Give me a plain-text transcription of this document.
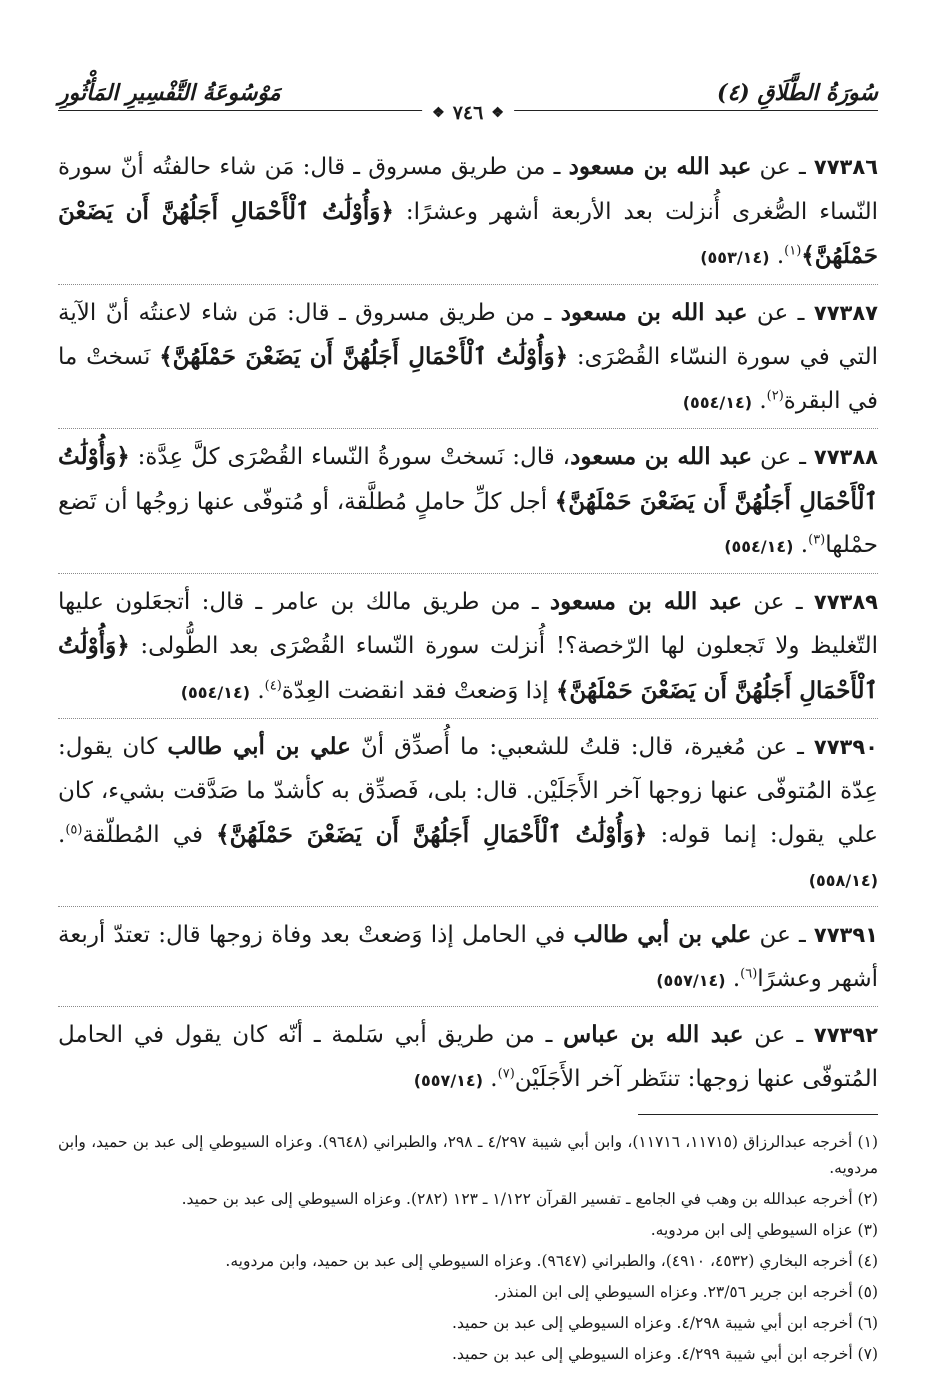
سُورَةُ الطَّلَاقِ (٤)
مَوْسُوعَةُ التَّفْسِيرِ المَأْثُورِ
❖
٧٤٦
❖

٧٧٣٨٦ ـ عن عبد الله بن مسعود ـ من طريق مسروق ـ قال: مَن شاء حالفتُه أنّ سورة النّساء الصُّغرى أُنزلت بعد الأربعة أشهر وعشرًا: ﴿وَأُوْلَٰتُ ٱلْأَحْمَالِ أَجَلُهُنَّ أَن يَضَعْنَ حَمْلَهُنَّ﴾$^{(١)}$. (٥٥٣/١٤)

٧٧٣٨٧ ـ عن عبد الله بن مسعود ـ من طريق مسروق ـ قال: مَن شاء لاعنتُه أنّ الآية التي في سورة النسّاء القُصْرَى: ﴿وَأُوْلَٰتُ ٱلْأَحْمَالِ أَجَلُهُنَّ أَن يَضَعْنَ حَمْلَهُنَّ﴾ نَسختْ ما في البقرة$^{(٢)}$. (٥٥٤/١٤)

٧٧٣٨٨ ـ عن عبد الله بن مسعود، قال: نَسختْ سورةُ النّساء القُصْرَى كلَّ عِدَّة: ﴿وَأُوْلَٰتُ ٱلْأَحْمَالِ أَجَلُهُنَّ أَن يَضَعْنَ حَمْلَهُنَّ﴾ أجل كلِّ حاملٍ مُطلَّقة، أو مُتوفّى عنها زوجُها أن تَضع حمْلها$^{(٣)}$. (٥٥٤/١٤)

٧٧٣٨٩ ـ عن عبد الله بن مسعود ـ من طريق مالك بن عامر ـ قال: أتجعَلون عليها التّغليظ ولا تَجعلون لها الرّخصة؟! أُنزلت سورة النّساء القُصْرَى بعد الطُّولى: ﴿وَأُوْلَٰتُ ٱلْأَحْمَالِ أَجَلُهُنَّ أَن يَضَعْنَ حَمْلَهُنَّ﴾ إذا وَضعتْ فقد انقضت العِدّة$^{(٤)}$. (٥٥٤/١٤)

٧٧٣٩٠ ـ عن مُغيرة، قال: قلتُ للشعبي: ما أُصدِّق أنّ علي بن أبي طالب كان يقول: عِدّة المُتوفّى عنها زوجها آخر الأَجَلَيْن. قال: بلى، فَصدِّق به كأشدّ ما صَدَّقت بشيء، كان علي يقول: إنما قوله: ﴿وَأُوْلَٰتُ ٱلْأَحْمَالِ أَجَلُهُنَّ أَن يَضَعْنَ حَمْلَهُنَّ﴾ في المُطلّقة$^{(٥)}$. (٥٥٨/١٤)

٧٧٣٩١ ـ عن علي بن أبي طالب في الحامل إذا وَضعتْ بعد وفاة زوجها قال: تعتدّ أربعة أشهر وعشرًا$^{(٦)}$. (٥٥٧/١٤)

٧٧٣٩٢ ـ عن عبد الله بن عباس ـ من طريق أبي سَلمة ـ أنّه كان يقول في الحامل المُتوفّى عنها زوجها: تنتَظر آخر الأَجَلَيْن$^{(٧)}$. (٥٥٧/١٤)

(١) أخرجه عبدالرزاق (١١٧١٥، ١١٧١٦)، وابن أبي شيبة ٤/٢٩٧ ـ ٢٩٨، والطبراني (٩٦٤٨). وعزاه السيوطي إلى عبد بن حميد، وابن مردويه.

(٢) أخرجه عبدالله بن وهب في الجامع ـ تفسير القرآن ١/١٢٢ ـ ١٢٣ (٢٨٢). وعزاه السيوطي إلى عبد بن حميد.

(٣) عزاه السيوطي إلى ابن مردويه.

(٤) أخرجه البخاري (٤٥٣٢، ٤٩١٠)، والطبراني (٩٦٤٧). وعزاه السيوطي إلى عبد بن حميد، وابن مردويه.

(٥) أخرجه ابن جرير ٢٣/٥٦. وعزاه السيوطي إلى ابن المنذر.

(٦) أخرجه ابن أبي شيبة ٤/٢٩٨. وعزاه السيوطي إلى عبد بن حميد.

(٧) أخرجه ابن أبي شيبة ٤/٢٩٩. وعزاه السيوطي إلى عبد بن حميد.
